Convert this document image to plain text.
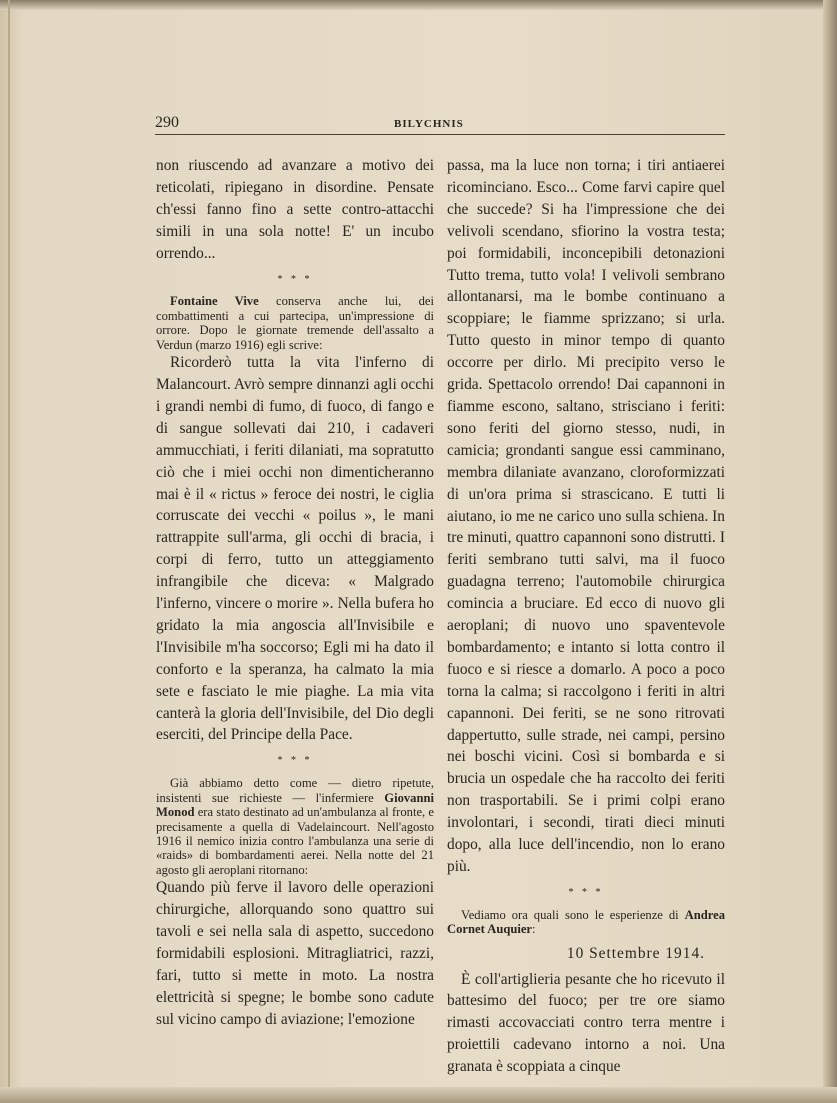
290	BILYCHNIS

non riuscendo ad avanzare a motivo dei reticolati, ripiegano in disordine. Pensate ch'essi fanno fino a sette contro-attacchi simili in una sola notte! E' un incubo orrendo...

* * *

Fontaine Vive conserva anche lui, dei combattimenti a cui partecipa, un'impressione di orrore. Dopo le giornate tremende dell'assalto a Verdun (marzo 1916) egli scrive:

Ricorderò tutta la vita l'inferno di Malancourt. Avrò sempre dinnanzi agli occhi i grandi nembi di fumo, di fuoco, di fango e di sangue sollevati dai 210, i cadaveri ammucchiati, i feriti dilaniati, ma sopratutto ciò che i miei occhi non dimenticheranno mai è il « rictus » feroce dei nostri, le ciglia corruscate dei vecchi « poilus », le mani rattrappite sull'arma, gli occhi di bracia, i corpi di ferro, tutto un atteggiamento infrangibile che diceva: « Malgrado l'inferno, vincere o morire ». Nella bufera ho gridato la mia angoscia all'Invisibile e l'Invisibile m'ha soccorso; Egli mi ha dato il conforto e la speranza, ha calmato la mia sete e fasciato le mie piaghe. La mia vita canterà la gloria dell'Invisibile, del Dio degli eserciti, del Principe della Pace.

* * *

Già abbiamo detto come — dietro ripetute, insistenti sue richieste — l'infermiere Giovanni Monod era stato destinato ad un'ambulanza al fronte, e precisamente a quella di Vadelaincourt. Nell'agosto 1916 il nemico inizia contro l'ambulanza una serie di «raids» di bombardamenti aerei. Nella notte del 21 agosto gli aeroplani ritornano:

Quando più ferve il lavoro delle operazioni chirurgiche, allorquando sono quattro sui tavoli e sei nella sala di aspetto, succedono formidabili esplosioni. Mitragliatrici, razzi, fari, tutto si mette in moto. La nostra elettricità si spegne; le bombe sono cadute sul vicino campo di aviazione; l'emozione

passa, ma la luce non torna; i tiri antiaerei ricominciano. Esco... Come farvi capire quel che succede? Si ha l'impressione che dei velivoli scendano, sfiorino la vostra testa; poi formidabili, inconcepibili detonazioni Tutto trema, tutto vola! I velivoli sembrano allontanarsi, ma le bombe continuano a scoppiare; le fiamme sprizzano; si urla. Tutto questo in minor tempo di quanto occorre per dirlo. Mi precipito verso le grida. Spettacolo orrendo! Dai capannoni in fiamme escono, saltano, strisciano i feriti: sono feriti del giorno stesso, nudi, in camicia; grondanti sangue essi camminano, membra dilaniate avanzano, cloroformizzati di un'ora prima si strascicano. E tutti li aiutano, io me ne carico uno sulla schiena. In tre minuti, quattro capannoni sono distrutti. I feriti sembrano tutti salvi, ma il fuoco guadagna terreno; l'automobile chirurgica comincia a bruciare. Ed ecco di nuovo gli aeroplani; di nuovo uno spaventevole bombardamento; e intanto si lotta contro il fuoco e si riesce a domarlo. A poco a poco torna la calma; si raccolgono i feriti in altri capannoni. Dei feriti, se ne sono ritrovati dappertutto, sulle strade, nei campi, persino nei boschi vicini. Così si bombarda e si brucia un ospedale che ha raccolto dei feriti non trasportabili. Se i primi colpi erano involontari, i secondi, tirati dieci minuti dopo, alla luce dell'incendio, non lo erano più.

* * *

Vediamo ora quali sono le esperienze di Andrea Cornet Auquier:

10 Settembre 1914.

È coll'artiglieria pesante che ho ricevuto il battesimo del fuoco; per tre ore siamo rimasti accovacciati contro terra mentre i proiettili cadevano intorno a noi. Una granata è scoppiata a cinque
